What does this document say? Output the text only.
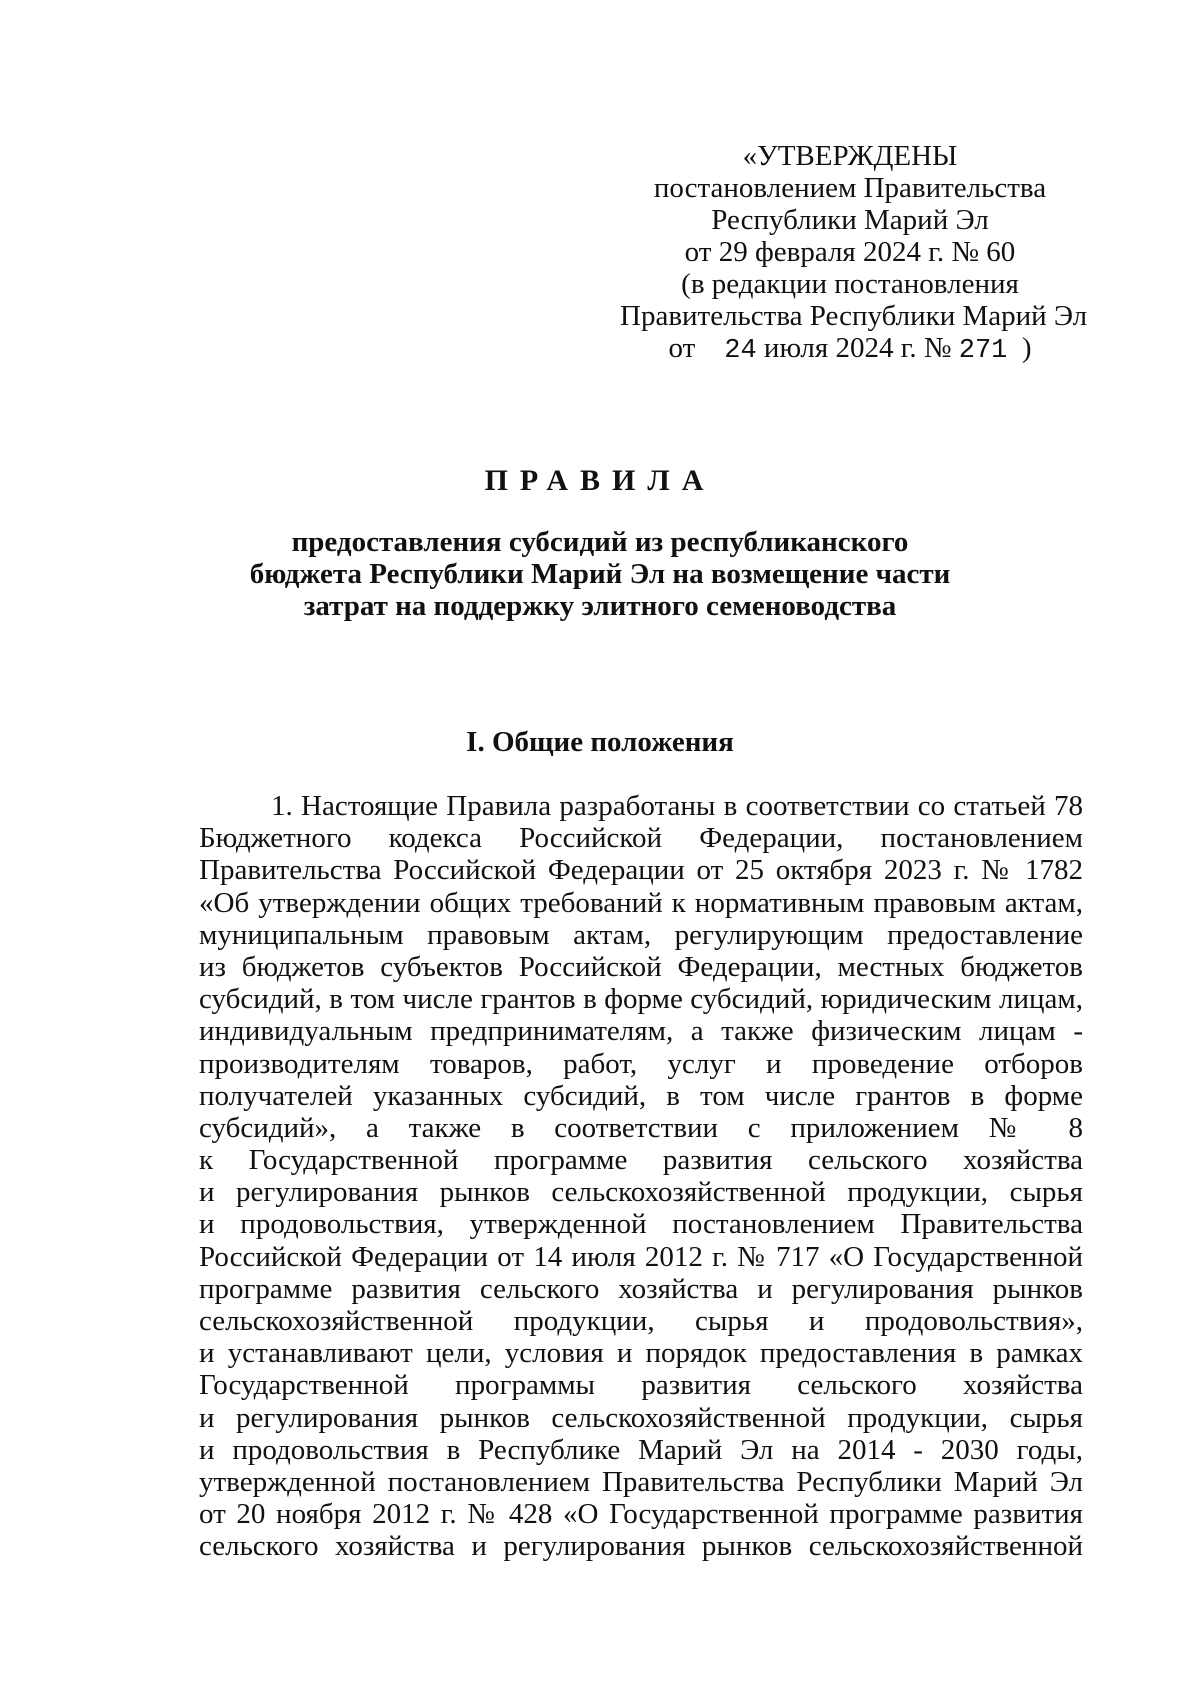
«УТВЕРЖДЕНЫ
постановлением Правительства
Республики Марий Эл
от 29 февраля 2024 г. № 60
(в редакции постановления
Правительства Республики Марий Эл
от 24 июля 2024 г. № 271 )
ПРАВИЛА
предоставления субсидий из республиканского
бюджета Республики Марий Эл на возмещение части
затрат на поддержку элитного семеноводства
I. Общие положения
1. Настоящие Правила разработаны в соответствии со статьей 78
Бюджетного кодекса Российской Федерации, постановлением
Правительства Российской Федерации от 25 октября 2023 г. № 1782
«Об утверждении общих требований к нормативным правовым актам,
муниципальным правовым актам, регулирующим предоставление
из бюджетов субъектов Российской Федерации, местных бюджетов
субсидий, в том числе грантов в форме субсидий, юридическим лицам,
индивидуальным предпринимателям, а также физическим лицам -
производителям товаров, работ, услуг и проведение отборов
получателей указанных субсидий, в том числе грантов в форме
субсидий», а также в соответствии с приложением № 8
к Государственной программе развития сельского хозяйства
и регулирования рынков сельскохозяйственной продукции, сырья
и продовольствия, утвержденной постановлением Правительства
Российской Федерации от 14 июля 2012 г. № 717 «О Государственной
программе развития сельского хозяйства и регулирования рынков
сельскохозяйственной продукции, сырья и продовольствия»,
и устанавливают цели, условия и порядок предоставления в рамках
Государственной программы развития сельского хозяйства
и регулирования рынков сельскохозяйственной продукции, сырья
и продовольствия в Республике Марий Эл на 2014 - 2030 годы,
утвержденной постановлением Правительства Республики Марий Эл
от 20 ноября 2012 г. № 428 «О Государственной программе развития
сельского хозяйства и регулирования рынков сельскохозяйственной
